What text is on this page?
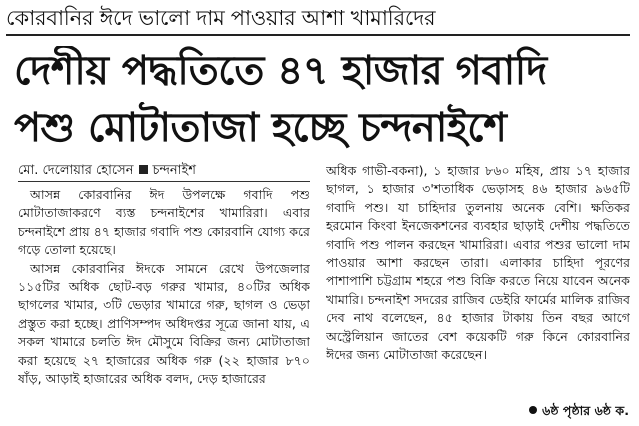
কোরবানির ঈদে ভালো দাম পাওয়ার আশা খামারিদের
দেশীয় পদ্ধতিতে ৪৭ হাজার গবাদি
পশু মোটাতাজা হচ্ছে চন্দনাইশে
মো. দেলোয়ার হোসেন চন্দনাইশ

আসন্ন কোরবানির ঈদ উপলক্ষে গবাদি পশু মোটাতাজাকরণে ব্যস্ত চন্দনাইশের খামারিরা। এবার চন্দনাইশে প্রায় ৪৭ হাজার গবাদি পশু কোরবানি যোগ্য করে গড়ে তোলা হয়েছে।

আসন্ন কোরবানির ঈদকে সামনে রেখে উপজেলার ১১৫টির অধিক ছোট-বড় গরুর খামার, ৪০টির অধিক ছাগলের খামার, ৩টি ভেড়ার খামারে গরু, ছাগল ও ভেড়া প্রস্তুত করা হচ্ছে। প্রাণিসম্পদ অধিদপ্তর সূত্রে জানা যায়, এ সকল খামারে চলতি ঈদ মৌসুমে বিক্রির জন্য মোটাতাজা করা হয়েছে ২৭ হাজারের অধিক গরু (২২ হাজার ৮৭০ ষাঁড়, আড়াই হাজারের অধিক বলদ, দেড় হাজারের

অধিক গাভী-বকনা), ১ হাজার ৮৬০ মহিষ, প্রায় ১৭ হাজার ছাগল, ১ হাজার ৩'শতাধিক ভেড়াসহ ৪৬ হাজার ৯৬৫টি গবাদি পশু। যা চাহিদার তুলনায় অনেক বেশি। ক্ষতিকর হরমোন কিংবা ইনজেকশনের ব্যবহার ছাড়াই দেশীয় পদ্ধতিতে গবাদি পশু পালন করছেন খামারিরা। এবার পশুর ভালো দাম পাওয়ার আশা করছেন তারা। এলাকার চাহিদা পূরণের পাশাপাশি চট্টগ্রাম শহরে পশু বিক্রি করতে নিয়ে যাবেন অনেক খামারি। চন্দনাইশ সদরের রাজিব ডেইরি ফার্মের মালিক রাজিব দেব নাথ বলেছেন, ৪৫ হাজার টাকায় তিন বছর আগে অস্ট্রেলিয়ান জাতের বেশ কয়েকটি গরু কিনে কোরবানির ঈদের জন্য মোটাতাজা করেছেন।

৬ষ্ঠ পৃষ্ঠার ৬ষ্ঠ ক.
